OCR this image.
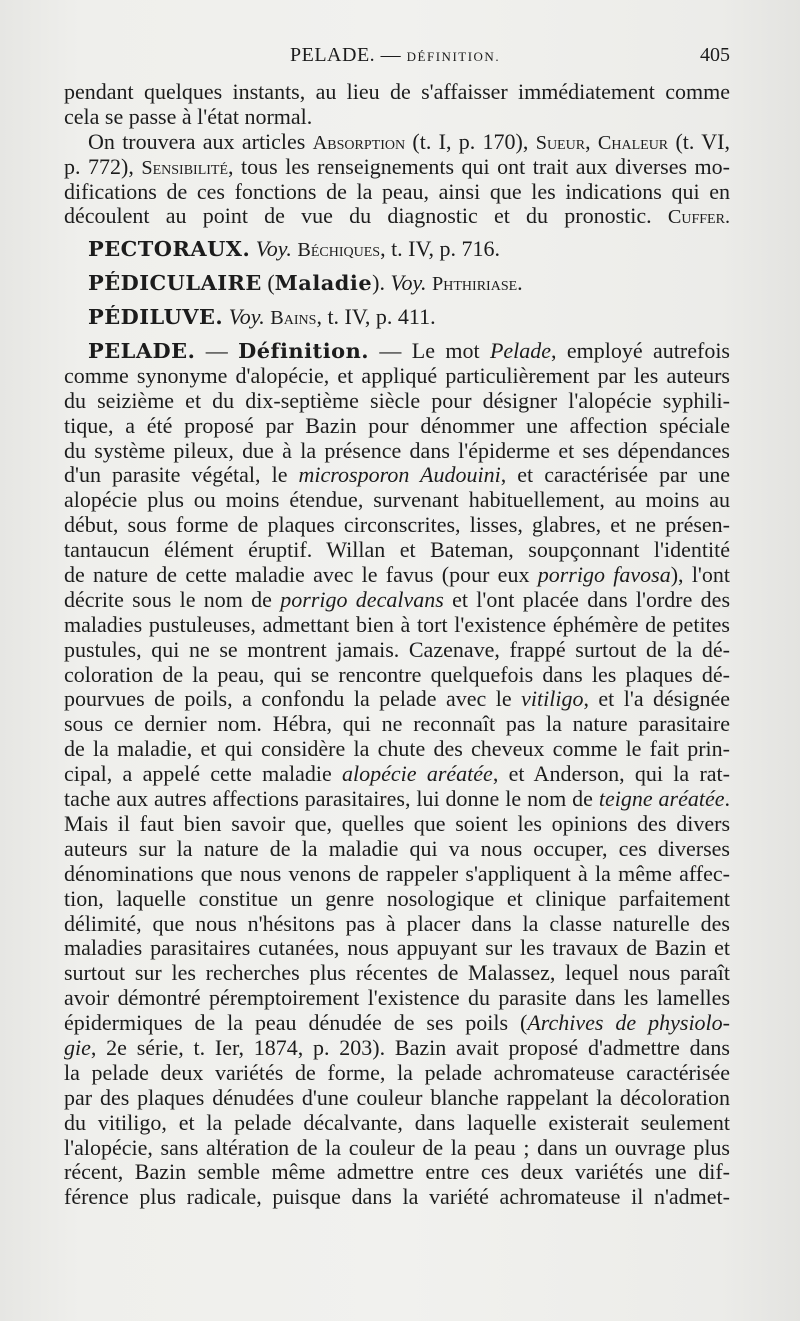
PELADE. — DÉFINITION.	405
pendant quelques instants, au lieu de s'affaisser immédiatement comme
cela se passe à l'état normal.
On trouvera aux articles Absorption (t. I, p. 170), Sueur, Chaleur (t. VI,
p. 772), Sensibilité, tous les renseignements qui ont trait aux diverses mo-
difications de ces fonctions de la peau, ainsi que les indications qui en
découlent au point de vue du diagnostic et du pronostic. Cuffer.
PECTORAUX. Voy. Béchiques, t. IV, p. 716.
PÉDICULAIRE (Maladie). Voy. Phthiriase.
PÉDILUVE. Voy. Bains, t. IV, p. 411.
PELADE. — Définition. — Le mot Pelade, employé autrefois
comme synonyme d'alopécie, et appliqué particulièrement par les auteurs
du seizième et du dix-septième siècle pour désigner l'alopécie syphili-
tique, a été proposé par Bazin pour dénommer une affection spéciale
du système pileux, due à la présence dans l'épiderme et ses dépendances
d'un parasite végétal, le microsporon Audouini, et caractérisée par une
alopécie plus ou moins étendue, survenant habituellement, au moins au
début, sous forme de plaques circonscrites, lisses, glabres, et ne présen-
tantaucun élément éruptif. Willan et Bateman, soupçonnant l'identité
de nature de cette maladie avec le favus (pour eux porrigo favosa), l'ont
décrite sous le nom de porrigo decalvans et l'ont placée dans l'ordre des
maladies pustuleuses, admettant bien à tort l'existence éphémère de petites
pustules, qui ne se montrent jamais. Cazenave, frappé surtout de la dé-
coloration de la peau, qui se rencontre quelquefois dans les plaques dé-
pourvues de poils, a confondu la pelade avec le vitiligo, et l'a désignée
sous ce dernier nom. Hébra, qui ne reconnaît pas la nature parasitaire
de la maladie, et qui considère la chute des cheveux comme le fait prin-
cipal, a appelé cette maladie alopécie aréatée, et Anderson, qui la rat-
tache aux autres affections parasitaires, lui donne le nom de teigne aréatée.
Mais il faut bien savoir que, quelles que soient les opinions des divers
auteurs sur la nature de la maladie qui va nous occuper, ces diverses
dénominations que nous venons de rappeler s'appliquent à la même affec-
tion, laquelle constitue un genre nosologique et clinique parfaitement
délimité, que nous n'hésitons pas à placer dans la classe naturelle des
maladies parasitaires cutanées, nous appuyant sur les travaux de Bazin et
surtout sur les recherches plus récentes de Malassez, lequel nous paraît
avoir démontré péremptoirement l'existence du parasite dans les lamelles
épidermiques de la peau dénudée de ses poils (Archives de physiolo-
gie, 2e série, t. Ier, 1874, p. 203). Bazin avait proposé d'admettre dans
la pelade deux variétés de forme, la pelade achromateuse caractérisée
par des plaques dénudées d'une couleur blanche rappelant la décoloration
du vitiligo, et la pelade décalvante, dans laquelle existerait seulement
l'alopécie, sans altération de la couleur de la peau ; dans un ouvrage plus
récent, Bazin semble même admettre entre ces deux variétés une dif-
férence plus radicale, puisque dans la variété achromateuse il n'admet-
